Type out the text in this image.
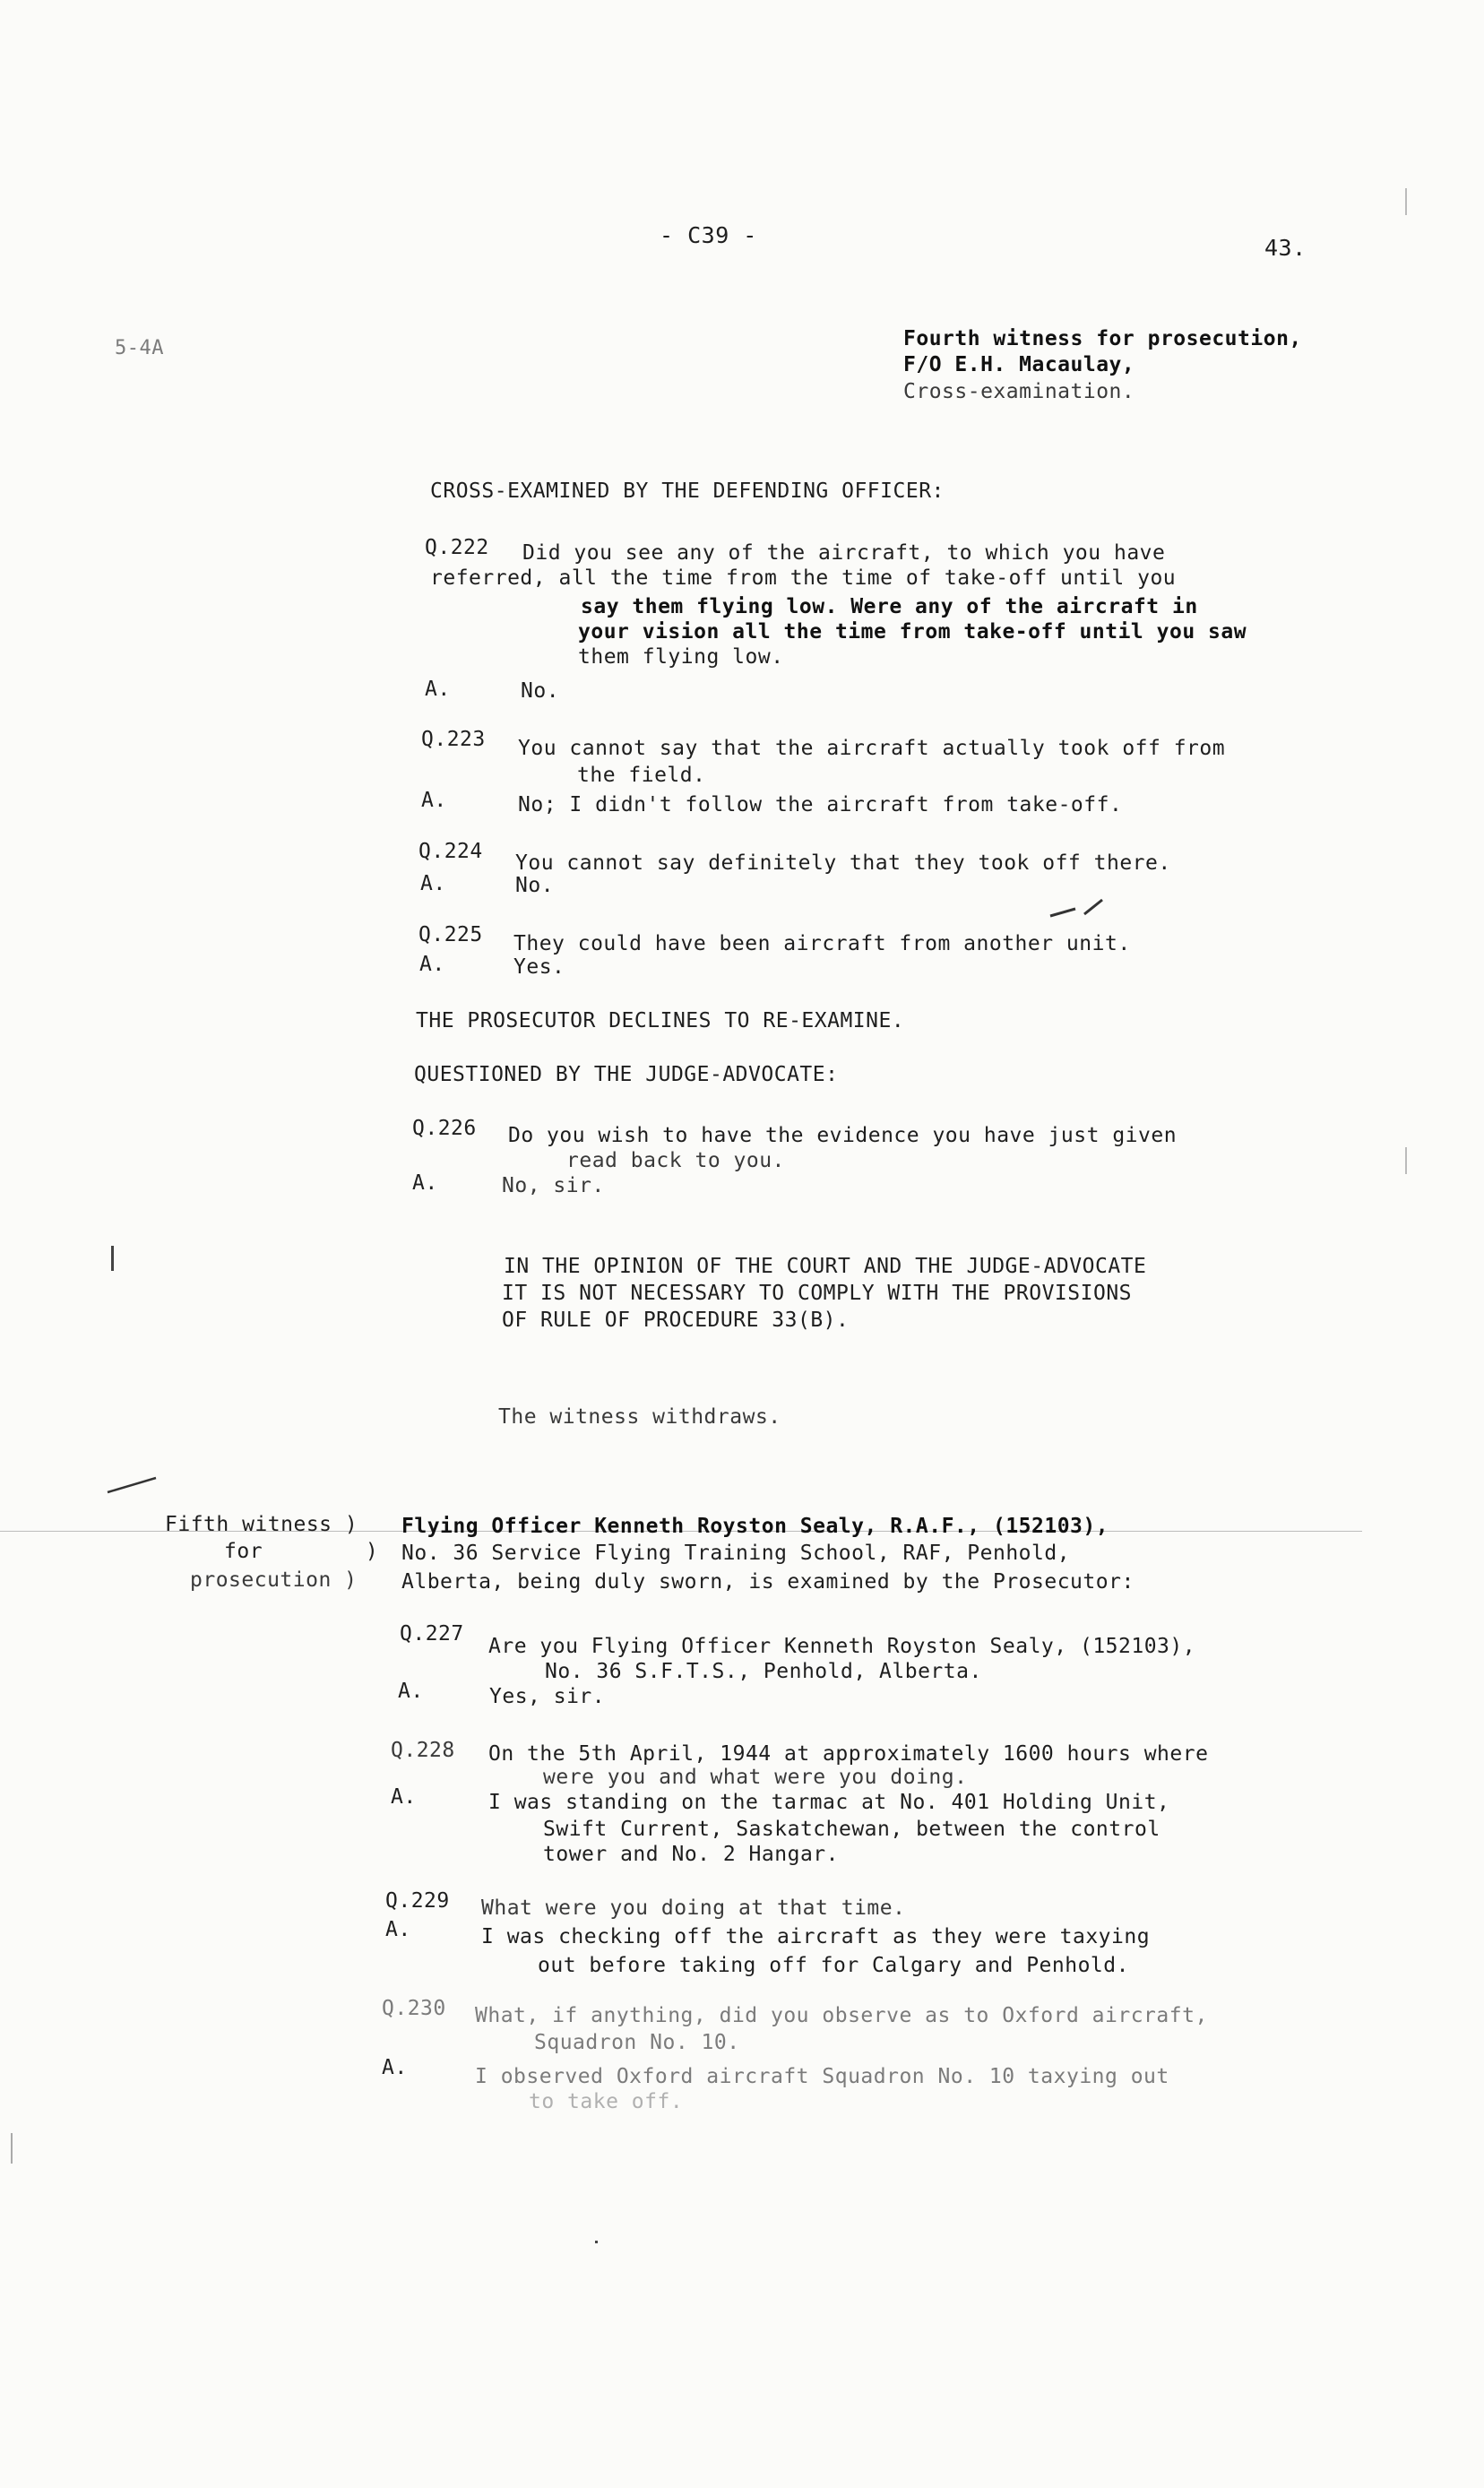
- C39 -	43.
5-4A	Fourth witness for prosecution,
F/O E.H. Macaulay,
Cross-examination.
CROSS-EXAMINED BY THE DEFENDING OFFICER:
Q.222 Did you see any of the aircraft, to which you have
referred, all the time from the time of take-off until you
say them flying low. Were any of the aircraft in
your vision all the time from take-off until you saw
them flying low.
A.	No.
Q.223 You cannot say that the aircraft actually took off from
the field.
A.	No; I didn't follow the aircraft from take-off.
Q.224 You cannot say definitely that they took off there.
A.	No.
Q.225 They could have been aircraft from another unit.
A.	Yes.
THE PROSECUTOR DECLINES TO RE-EXAMINE.
QUESTIONED BY THE JUDGE-ADVOCATE:
Q.226 Do you wish to have the evidence you have just given
read back to you.
A.	No, sir.
IN THE OPINION OF THE COURT AND THE JUDGE-ADVOCATE
IT IS NOT NECESSARY TO COMPLY WITH THE PROVISIONS
OF RULE OF PROCEDURE 33(B).
The witness withdraws.
Fifth witness )
for        )
prosecution )
Flying Officer Kenneth Royston Sealy, R.A.F., (152103),
No. 36 Service Flying Training School, RAF, Penhold,
Alberta, being duly sworn, is examined by the Prosecutor:
Q.227
Are you Flying Officer Kenneth Royston Sealy, (152103),
No. 36 S.F.T.S., Penhold, Alberta.
A.	Yes, sir.
Q.228 On the 5th April, 1944 at approximately 1600 hours where
were you and what were you doing.
A.	I was standing on the tarmac at No. 401 Holding Unit,
Swift Current, Saskatchewan, between the control
tower and No. 2 Hangar.
Q.229 What were you doing at that time.
A.	I was checking off the aircraft as they were taxying
out before taking off for Calgary and Penhold.
Q.230 What, if anything, did you observe as to Oxford aircraft,
Squadron No. 10.
A.	I observed Oxford aircraft Squadron No. 10 taxying out
to take off.
